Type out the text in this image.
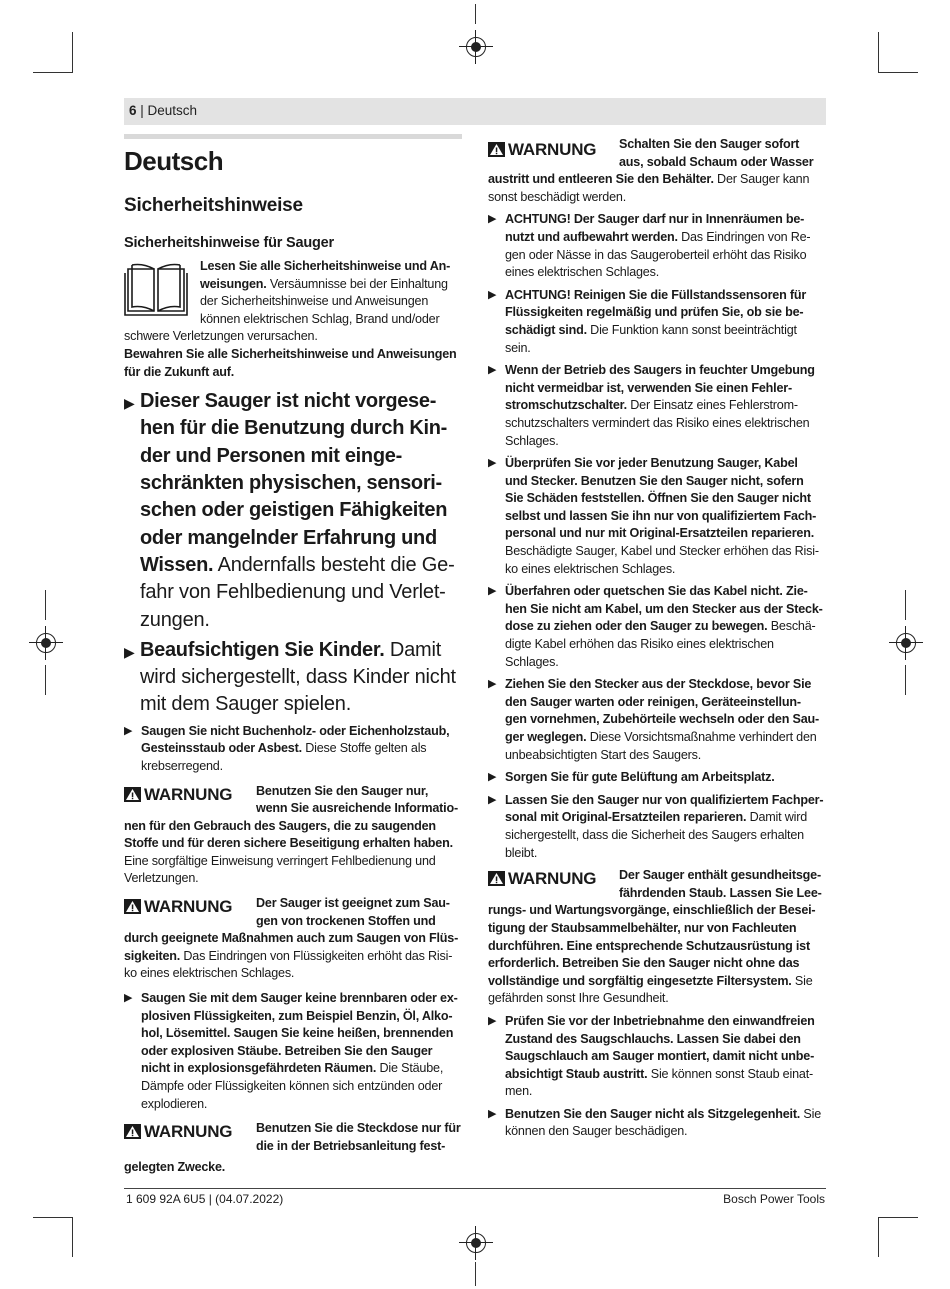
6 | Deutsch

Deutsch

Sicherheitshinweise

Sicherheitshinweise für Sauger

Lesen Sie alle Sicherheitshinweise und An-

weisungen. Versäumnisse bei der Einhaltung

der Sicherheitshinweise und Anweisungen

können elektrischen Schlag, Brand und/oder

schwere Verletzungen verursachen.

Bewahren Sie alle Sicherheitshinweise und Anweisungen

für die Zukunft auf.

▶ Dieser Sauger ist nicht vorgese-

hen für die Benutzung durch Kin-

der und Personen mit einge-

schränkten physischen, sensori-

schen oder geistigen Fähigkeiten

oder mangelnder Erfahrung und

Wissen. Andernfalls besteht die Ge-

fahr von Fehlbedienung und Verlet-

zungen.

▶ Beaufsichtigen Sie Kinder. Damit

wird sichergestellt, dass Kinder nicht

mit dem Sauger spielen.

▶ Saugen Sie nicht Buchenholz- oder Eichenholzstaub,

Gesteinsstaub oder Asbest. Diese Stoffe gelten als

krebserregend.

WARNUNG Benutzen Sie den Sauger nur,

wenn Sie ausreichende Informatio-

nen für den Gebrauch des Saugers, die zu saugenden

Stoffe und für deren sichere Beseitigung erhalten haben.

Eine sorgfältige Einweisung verringert Fehlbedienung und

Verletzungen.

WARNUNG Der Sauger ist geeignet zum Sau-

gen von trockenen Stoffen und

durch geeignete Maßnahmen auch zum Saugen von Flüs-

sigkeiten. Das Eindringen von Flüssigkeiten erhöht das Risi-

ko eines elektrischen Schlages.

▶ Saugen Sie mit dem Sauger keine brennbaren oder ex-

plosiven Flüssigkeiten, zum Beispiel Benzin, Öl, Alko-

hol, Lösemittel. Saugen Sie keine heißen, brennenden

oder explosiven Stäube. Betreiben Sie den Sauger

nicht in explosionsgefährdeten Räumen. Die Stäube,

Dämpfe oder Flüssigkeiten können sich entzünden oder

explodieren.

WARNUNG Benutzen Sie die Steckdose nur für

die in der Betriebsanleitung fest-

gelegten Zwecke.

WARNUNG Schalten Sie den Sauger sofort

aus, sobald Schaum oder Wasser

austritt und entleeren Sie den Behälter. Der Sauger kann

sonst beschädigt werden.

▶ ACHTUNG! Der Sauger darf nur in Innenräumen be-

nutzt und aufbewahrt werden. Das Eindringen von Re-

gen oder Nässe in das Saugeroberteil erhöht das Risiko

eines elektrischen Schlages.

▶ ACHTUNG! Reinigen Sie die Füllstandssensoren für

Flüssigkeiten regelmäßig und prüfen Sie, ob sie be-

schädigt sind. Die Funktion kann sonst beeinträchtigt

sein.

▶ Wenn der Betrieb des Saugers in feuchter Umgebung

nicht vermeidbar ist, verwenden Sie einen Fehler-

stromschutzschalter. Der Einsatz eines Fehlerstrom-

schutzschalters vermindert das Risiko eines elektrischen

Schlages.

▶ Überprüfen Sie vor jeder Benutzung Sauger, Kabel

und Stecker. Benutzen Sie den Sauger nicht, sofern

Sie Schäden feststellen. Öffnen Sie den Sauger nicht

selbst und lassen Sie ihn nur von qualifiziertem Fach-

personal und nur mit Original-Ersatzteilen reparieren.

Beschädigte Sauger, Kabel und Stecker erhöhen das Risi-

ko eines elektrischen Schlages.

▶ Überfahren oder quetschen Sie das Kabel nicht. Zie-

hen Sie nicht am Kabel, um den Stecker aus der Steck-

dose zu ziehen oder den Sauger zu bewegen. Beschä-

digte Kabel erhöhen das Risiko eines elektrischen

Schlages.

▶ Ziehen Sie den Stecker aus der Steckdose, bevor Sie

den Sauger warten oder reinigen, Geräteeinstellun-

gen vornehmen, Zubehörteile wechseln oder den Sau-

ger weglegen. Diese Vorsichtsmaßnahme verhindert den

unbeabsichtigten Start des Saugers.

▶ Sorgen Sie für gute Belüftung am Arbeitsplatz.

▶ Lassen Sie den Sauger nur von qualifiziertem Fachper-

sonal mit Original-Ersatzteilen reparieren. Damit wird

sichergestellt, dass die Sicherheit des Saugers erhalten

bleibt.

WARNUNG Der Sauger enthält gesundheitsge-

fährdenden Staub. Lassen Sie Lee-

rungs- und Wartungsvorgänge, einschließlich der Besei-

tigung der Staubsammelbehälter, nur von Fachleuten

durchführen. Eine entsprechende Schutzausrüstung ist

erforderlich. Betreiben Sie den Sauger nicht ohne das

vollständige und sorgfältig eingesetzte Filtersystem. Sie

gefährden sonst Ihre Gesundheit.

▶ Prüfen Sie vor der Inbetriebnahme den einwandfreien

Zustand des Saugschlauchs. Lassen Sie dabei den

Saugschlauch am Sauger montiert, damit nicht unbe-

absichtigt Staub austritt. Sie können sonst Staub einat-

men.

▶ Benutzen Sie den Sauger nicht als Sitzgelegenheit. Sie

können den Sauger beschädigen.

1 609 92A 6U5 | (04.07.2022)	Bosch Power Tools
